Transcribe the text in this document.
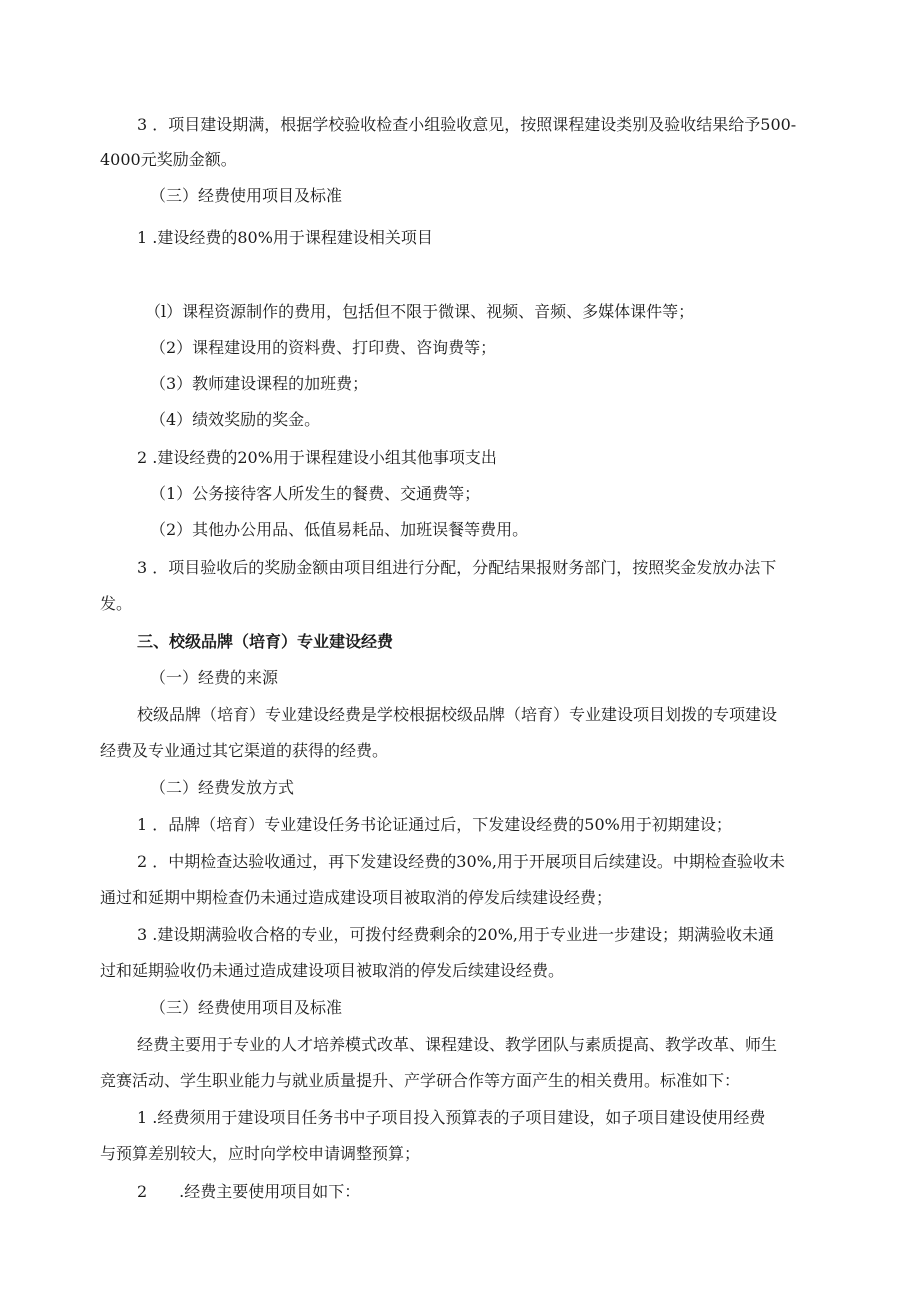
3 ．项目建设期满，根据学校验收检查小组验收意见，按照课程建设类别及验收结果给予500-

4000元奖励金额。

（三）经费使用项目及标准

1 .建设经费的80%用于课程建设相关项目

（l）课程资源制作的费用，包括但不限于微课、视频、音频、多媒体课件等；

（2）课程建设用的资料费、打印费、咨询费等；

（3）教师建设课程的加班费；

（4）绩效奖励的奖金。

2 .建设经费的20%用于课程建设小组其他事项支出

（1）公务接待客人所发生的餐费、交通费等；

（2）其他办公用品、低值易耗品、加班误餐等费用。

3 ．项目验收后的奖励金额由项目组进行分配，分配结果报财务部门，按照奖金发放办法下

发。

三、校级品牌（培育）专业建设经费

（一）经费的来源

校级品牌（培育）专业建设经费是学校根据校级品牌（培育）专业建设项目划拨的专项建设

经费及专业通过其它渠道的获得的经费。

（二）经费发放方式

1 ．品牌（培育）专业建设任务书论证通过后，下发建设经费的50%用于初期建设；

2 ．中期检查达验收通过，再下发建设经费的30%,用于开展项目后续建设。中期检查验收未

通过和延期中期检查仍未通过造成建设项目被取消的停发后续建设经费；

3 .建设期满验收合格的专业，可拨付经费剩余的20%,用于专业进一步建设；期满验收未通

过和延期验收仍未通过造成建设项目被取消的停发后续建设经费。

（三）经费使用项目及标准

经费主要用于专业的人才培养模式改革、课程建设、教学团队与素质提高、教学改革、师生

竞赛活动、学生职业能力与就业质量提升、产学研合作等方面产生的相关费用。标准如下：

1 .经费须用于建设项目任务书中子项目投入预算表的子项目建设，如子项目建设使用经费

与预算差别较大，应时向学校申请调整预算；

2　　.经费主要使用项目如下：
